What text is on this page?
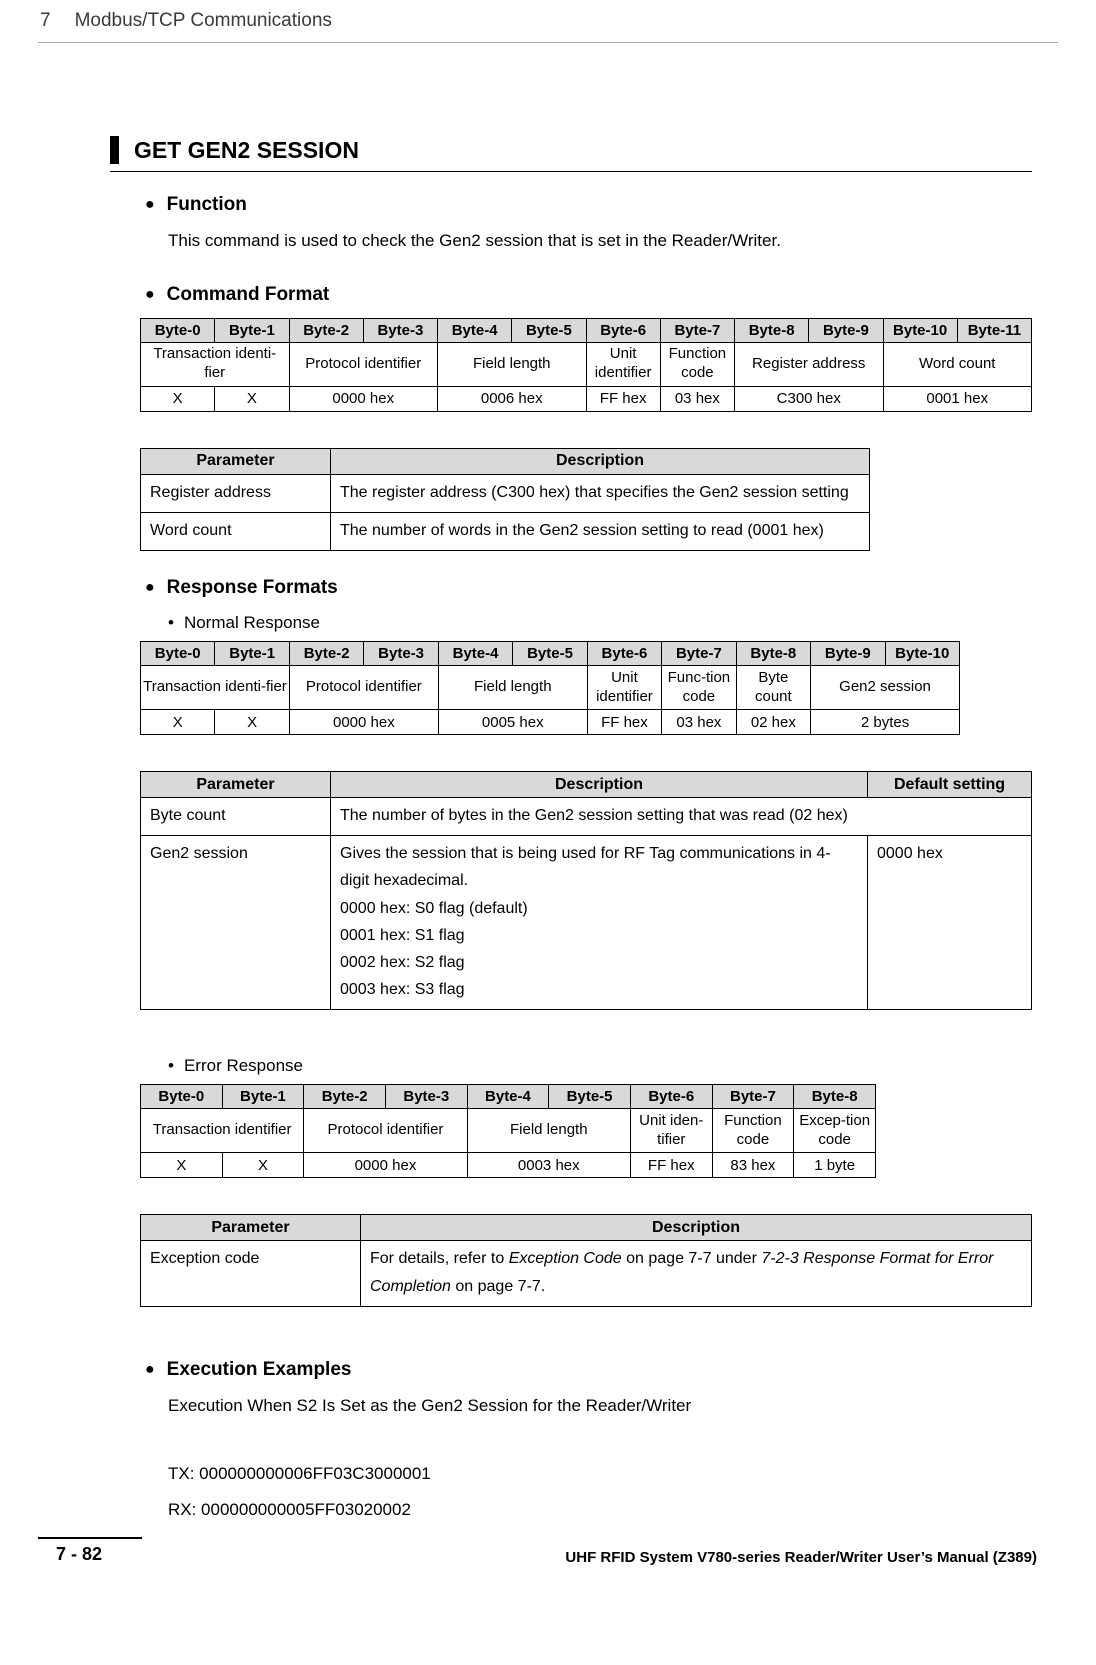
7 Modbus/TCP Communications
GET GEN2 SESSION
● Function

This command is used to check the Gen2 session that is set in the Reader/Writer.

● Command Format
Byte-0	Byte-1	Byte-2	Byte-3	Byte-4	Byte-5	Byte-6	Byte-7	Byte-8	Byte-9	Byte-10	Byte-11
Transaction identi-fier		Protocol identifier		Field length		Unit identifier	Function code	Register address		Word count	
X	X	0000 hex		0006 hex		FF hex	03 hex	C300 hex		0001 hex	
Parameter	Description
Register address	The register address (C300 hex) that specifies the Gen2 session setting
Word count	The number of words in the Gen2 session setting to read (0001 hex)
● Response Formats
• Normal Response
Byte-0	Byte-1	Byte-2	Byte-3	Byte-4	Byte-5	Byte-6	Byte-7	Byte-8	Byte-9	Byte-10
Transaction identi-fier		Protocol identifier		Field length		Unit identifier	Func-tion code	Byte count	Gen2 session	
X	X	0000 hex		0005 hex		FF hex	03 hex	02 hex	2 bytes	
Parameter	Description	Default setting
Byte count	The number of bytes in the Gen2 session setting that was read (02 hex)	
Gen2 session	Gives the session that is being used for RF Tag communications in 4-digit hexadecimal.
0000 hex: S0 flag (default)
0001 hex: S1 flag
0002 hex: S2 flag
0003 hex: S3 flag	0000 hex
• Error Response
Byte-0	Byte-1	Byte-2	Byte-3	Byte-4	Byte-5	Byte-6	Byte-7	Byte-8
Transaction identifier		Protocol identifier		Field length		Unit iden-tifier	Function code	Excep-tion code
X	X	0000 hex		0003 hex		FF hex	83 hex	1 byte
Parameter	Description
Exception code	For details, refer to Exception Code on page 7-7 under 7-2-3 Response Format for Error Completion on page 7-7.
● Execution Examples

Execution When S2 Is Set as the Gen2 Session for the Reader/Writer

TX: 000000000006FF03C3000001

RX: 000000000005FF03020002

7 - 82	UHF RFID System V780-series Reader/Writer User’s Manual (Z389)
